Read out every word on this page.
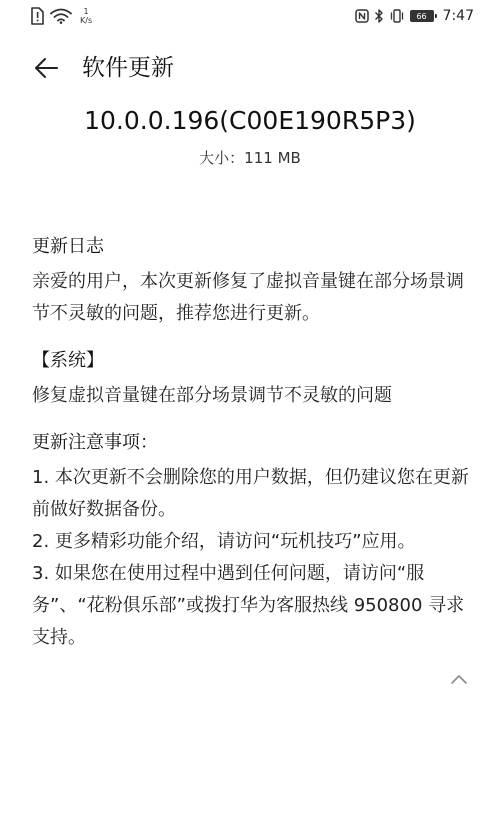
1
K/s	66 7:47
软件更新
10.0.0.196(C00E190R5P3)
大小：111 MB

更新日志

亲爱的用户，本次更新修复了虚拟音量键在部分场景调节不灵敏的问题，推荐您进行更新。

【系统】

修复虚拟音量键在部分场景调节不灵敏的问题

更新注意事项：

1. 本次更新不会删除您的用户数据，但仍建议您在更新前做好数据备份。

2. 更多精彩功能介绍，请访问“玩机技巧”应用。

3. 如果您在使用过程中遇到任何问题，请访问“服务”、“花粉俱乐部”或拨打华为客服热线 950800 寻求支持。
